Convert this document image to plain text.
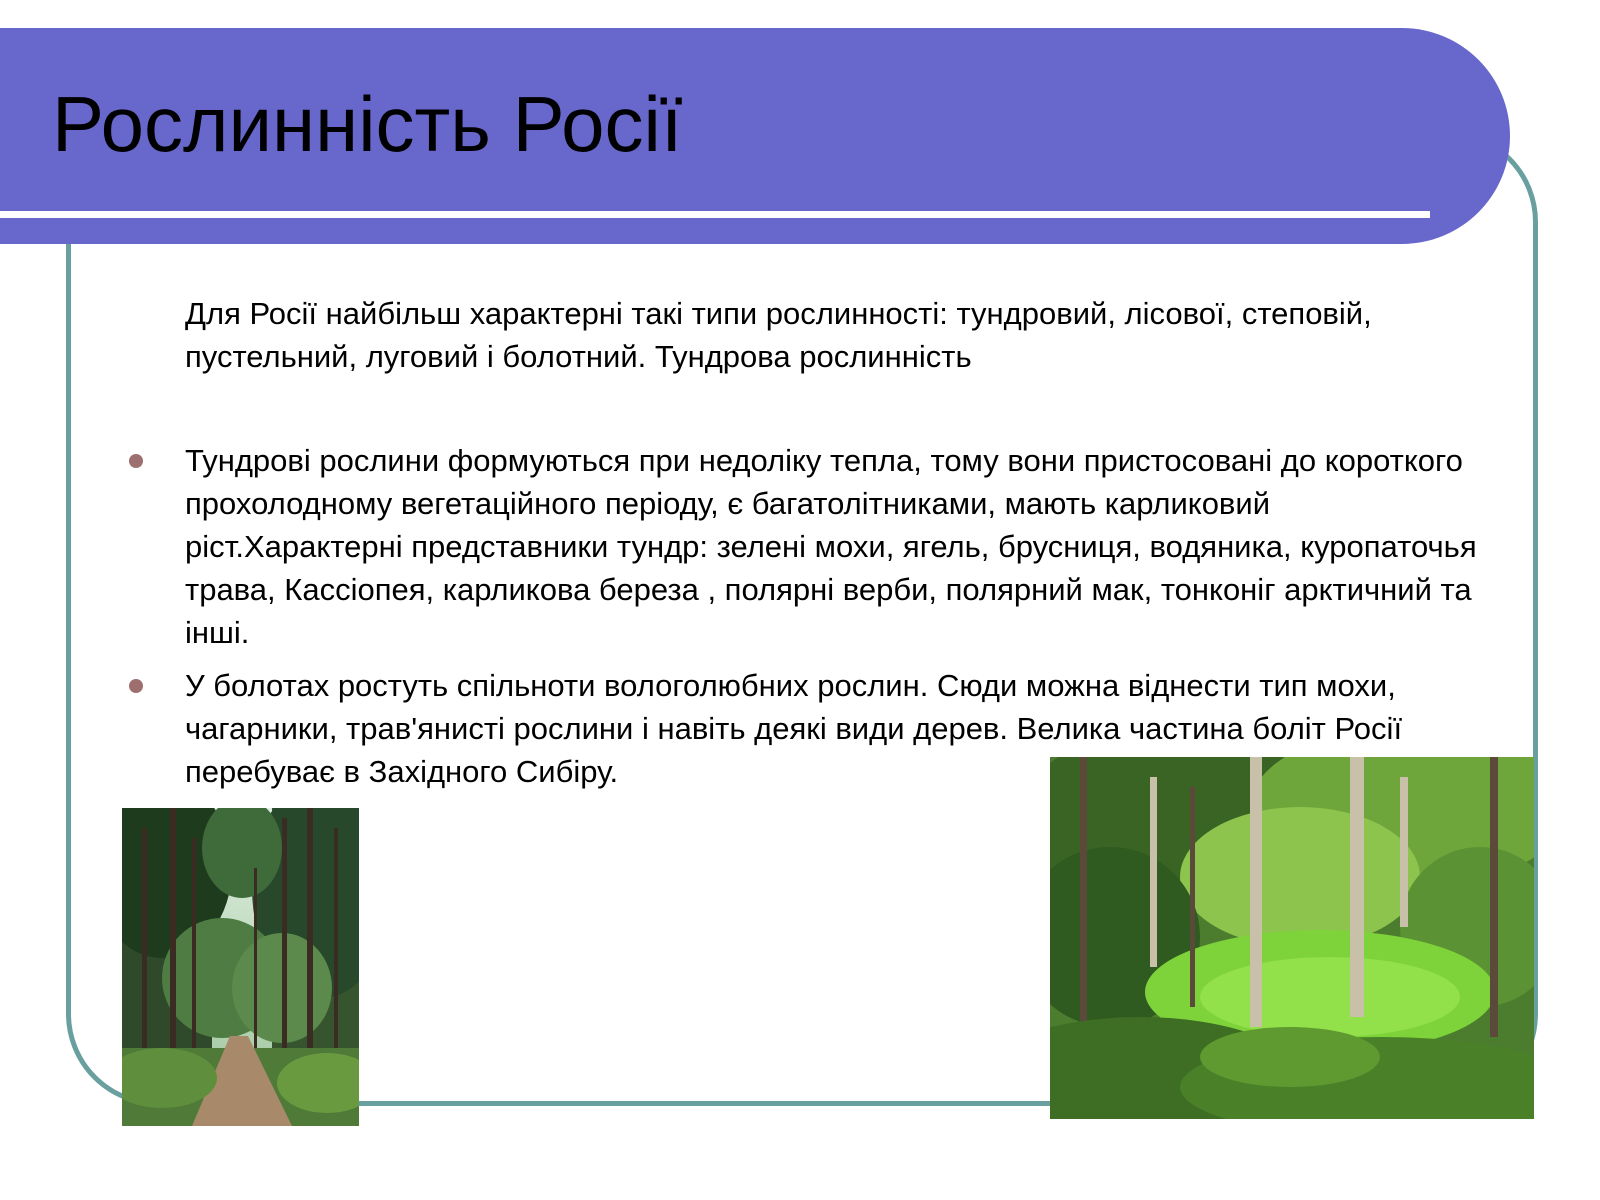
Рослинність Росії

Для Росії найбільш характерні такі типи рослинності: тундровий, лісової, степовій, пустельний, луговий і болотний. Тундрова рослинність

Тундрові рослини формуються при недоліку тепла, тому вони пристосовані до короткого прохолодному вегетаційного періоду, є багатолітниками, мають карликовий ріст.Характерні представники тундр: зелені мохи, ягель, брусниця, водяника, куропаточья трава, Кассіопея, карликова береза , полярні верби, полярний мак, тонконіг арктичний та інші.
У болотах ростуть спільноти вологолюбних рослин. Сюди можна віднести тип мохи, чагарники, трав'янисті рослини і навіть деякі види дерев. Велика частина боліт Росії перебуває в Західного Сибіру.
